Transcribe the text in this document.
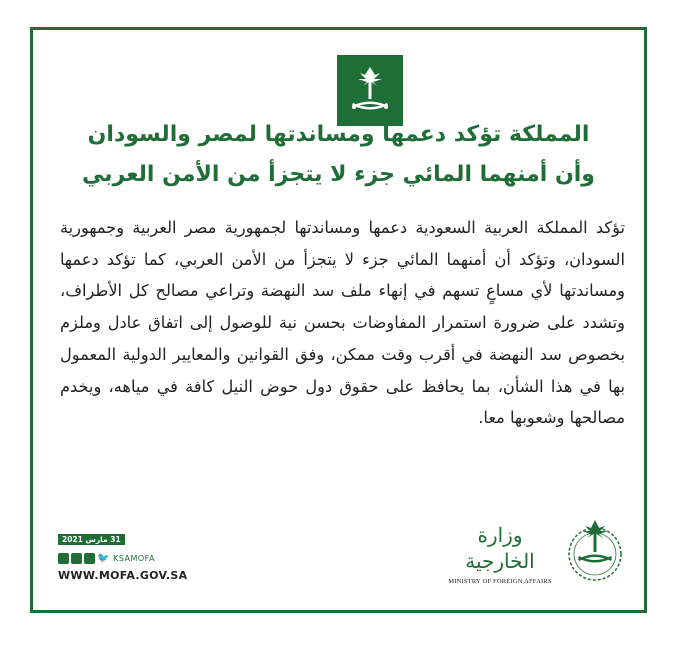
المملكة تؤكد دعمها ومساندتها لمصر والسودان
وأن أمنهما المائي جزء لا يتجزأ من الأمن العربي
تؤكد المملكة العربية السعودية دعمها ومساندتها لجمهورية مصر العربية وجمهورية السودان، وتؤكد أن أمنهما المائي جزء لا يتجزأ من الأمن العربي، كما تؤكد دعمها ومساندتها لأي مساعٍ تسهم في إنهاء ملف سد النهضة وتراعي مصالح كل الأطراف، وتشدد على ضرورة استمرار المفاوضات بحسن نية للوصول إلى اتفاق عادل وملزم بخصوص سد النهضة في أقرب وقت ممكن، وفق القوانين والمعايير الدولية المعمول بها في هذا الشأن، بما يحافظ على حقوق دول حوض النيل كافة في مياهه، ويخدم مصالحها وشعوبها معا.
31 مارس 2021
🐦 KSAMOFA
WWW.MOFA.GOV.SA
وزارة الخارجية
MINISTRY OF FOREIGN AFFAIRS
